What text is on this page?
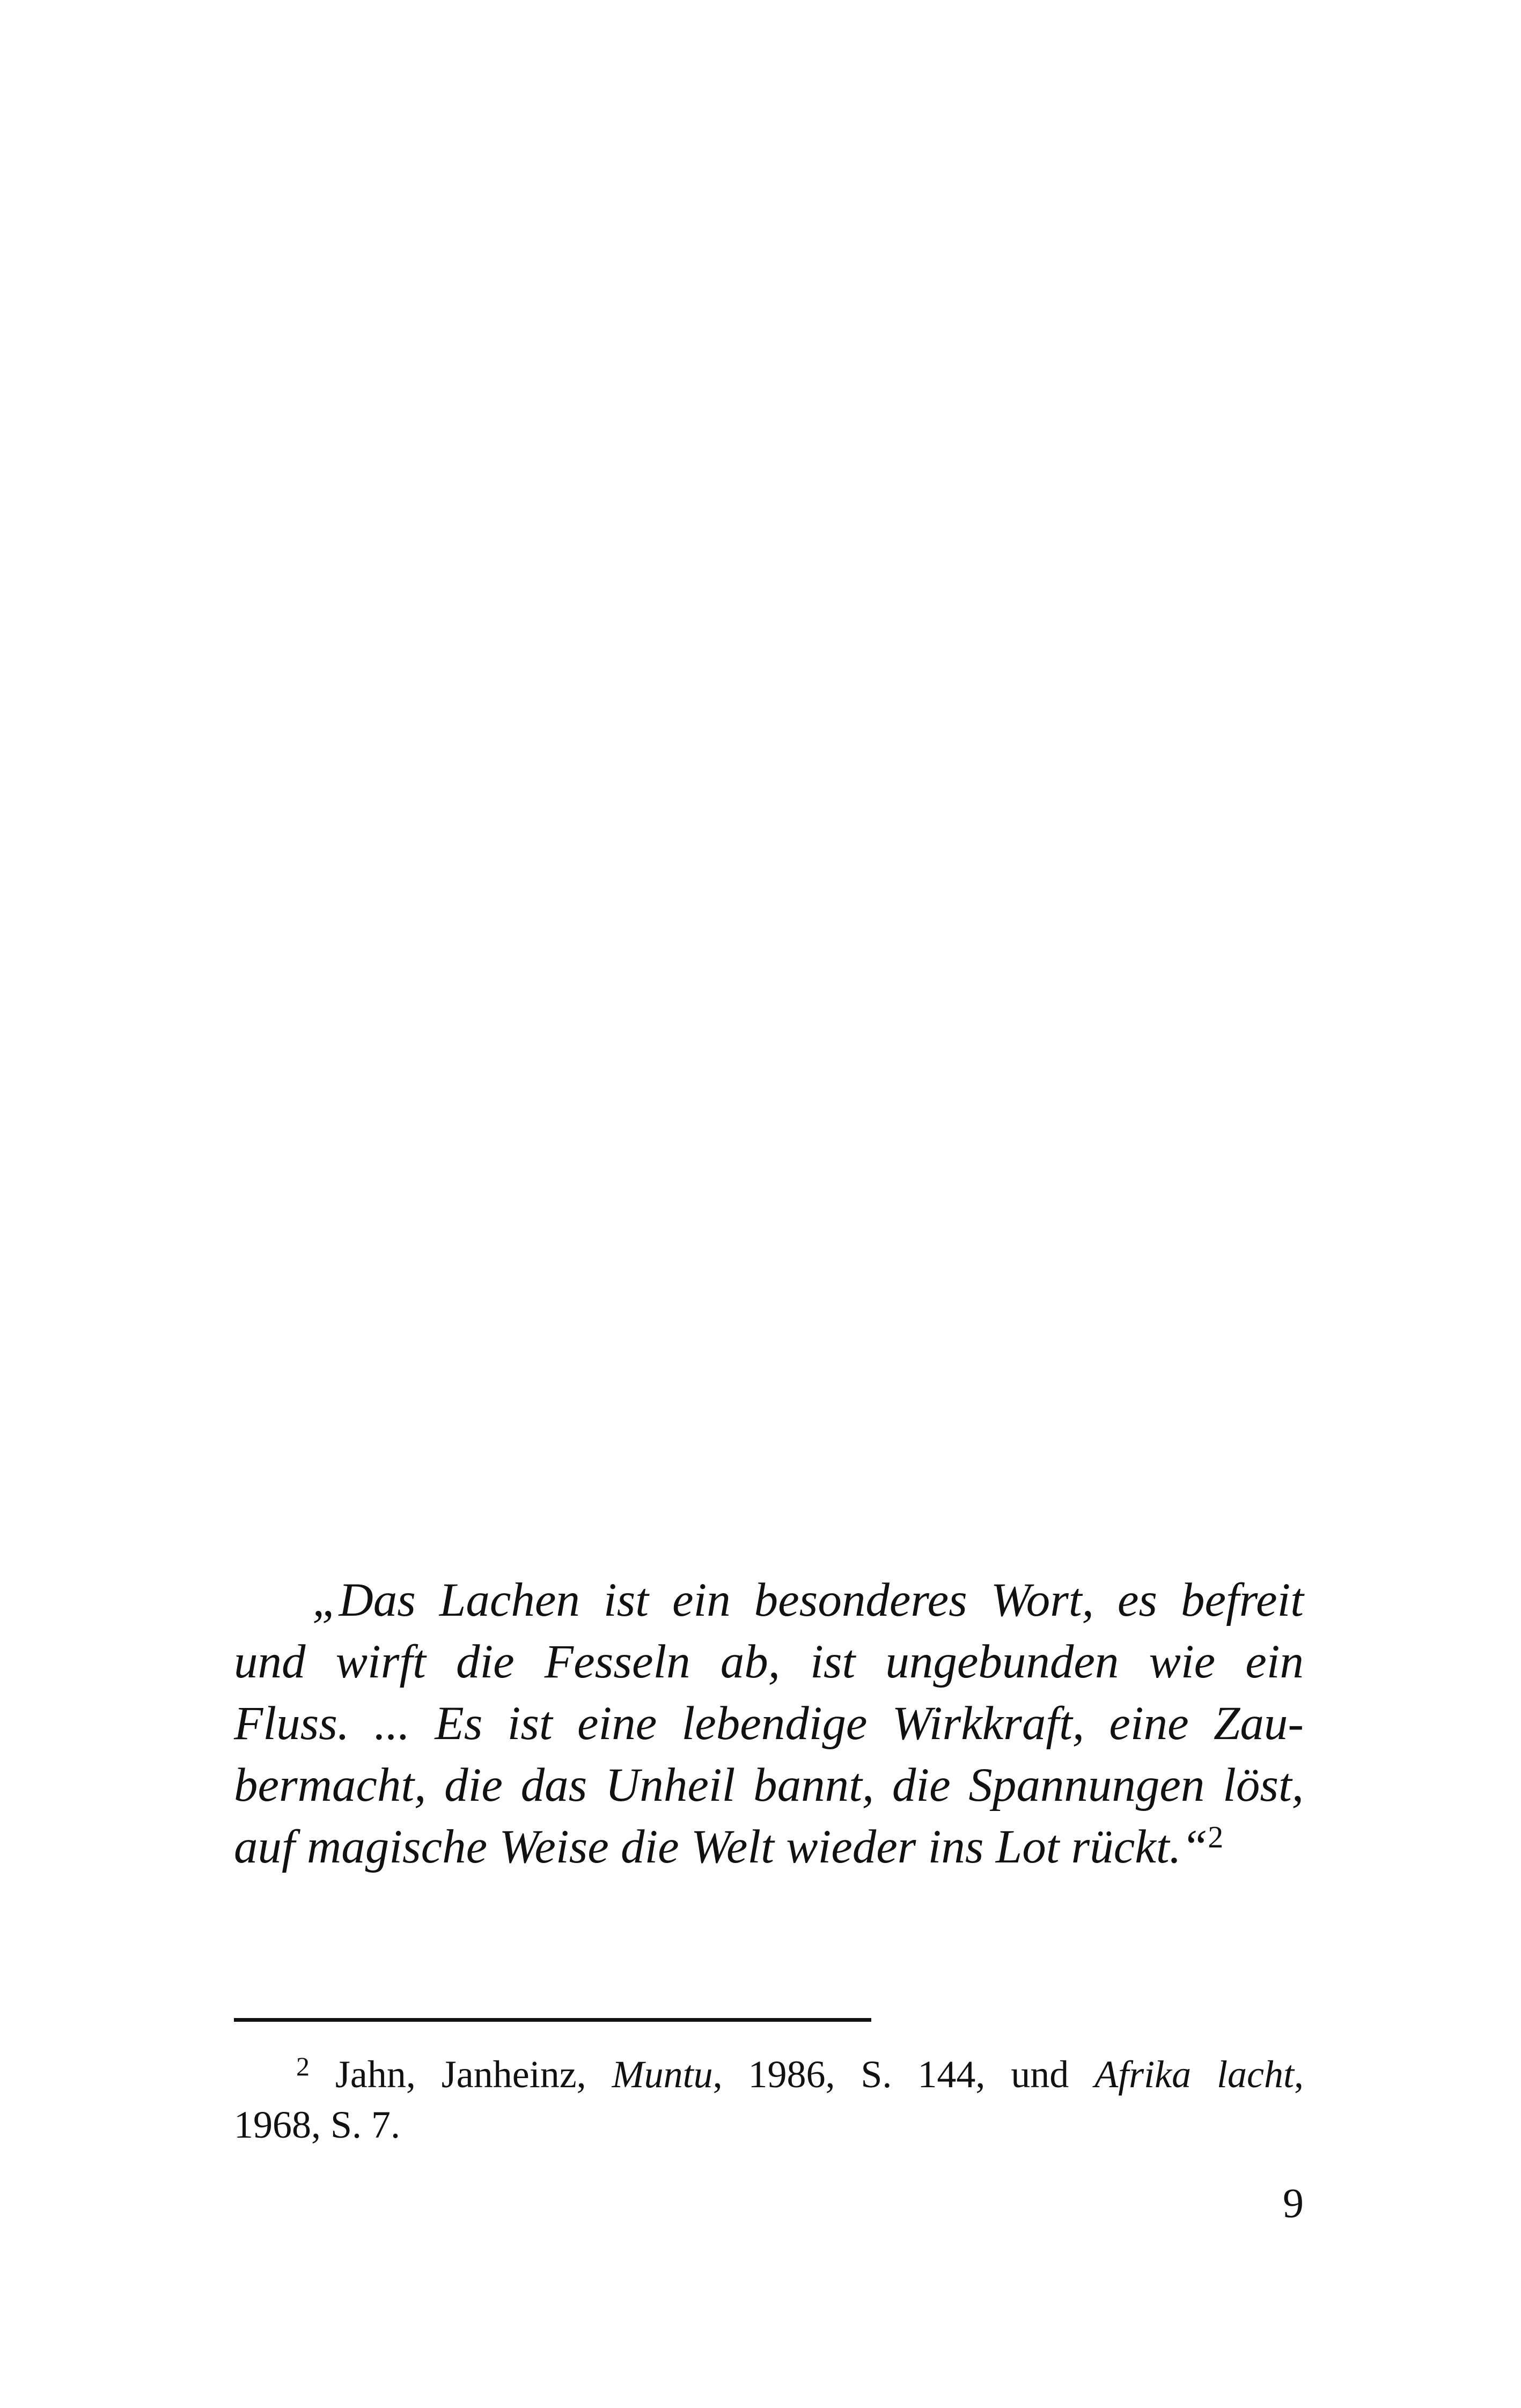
„Das Lachen ist ein besonderes Wort, es befreit
und wirft die Fesseln ab, ist ungebunden wie ein
Fluss. ... Es ist eine lebendige Wirkkraft, eine Zau-
bermacht, die das Unheil bannt, die Spannungen löst,
auf magische Weise die Welt wieder ins Lot rückt.“$^2$
$^2$ Jahn, Janheinz, Muntu, 1986, S. 144, und Afrika lacht,
1968, S. 7.
9
